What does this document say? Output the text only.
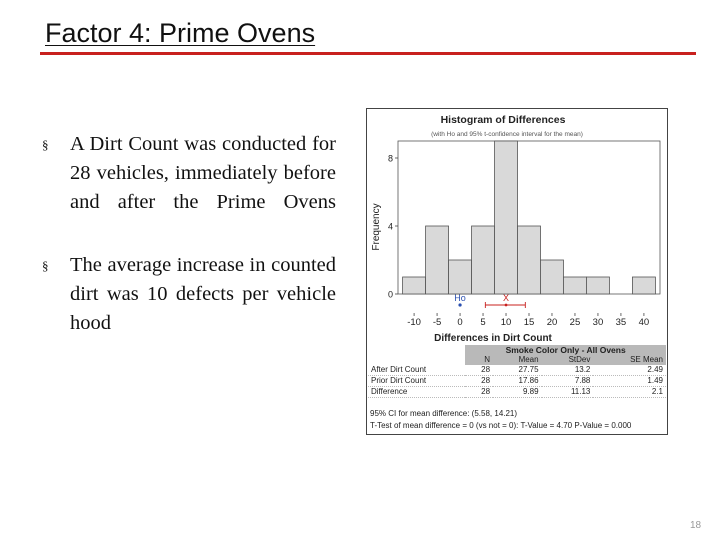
Factor 4: Prime Ovens
§ A Dirt Count was conducted for 28 vehicles, immediately before and after the Prime Ovens
§ The average increase in counted dirt was 10 defects per vehicle hood
Histogram of Differences
(with Ho and 95% t-confidence interval for the mean)
Frequency
Differences in Dirt Count
0
4
8
-10 -5 0 5 10 15 20 25 30 35 40
Ho	X
	Smoke Color Only - All Ovens			
	N	Mean	StDev	SE Mean
After Dirt Count	28	27.75	13.2	2.49
Prior Dirt Count	28	17.86	7.88	1.49
Difference	28	9.89	11.13	2.1
95% CI for mean difference: (5.58, 14.21)
T-Test of mean difference = 0 (vs not = 0): T-Value = 4.70 P-Value = 0.000
18
